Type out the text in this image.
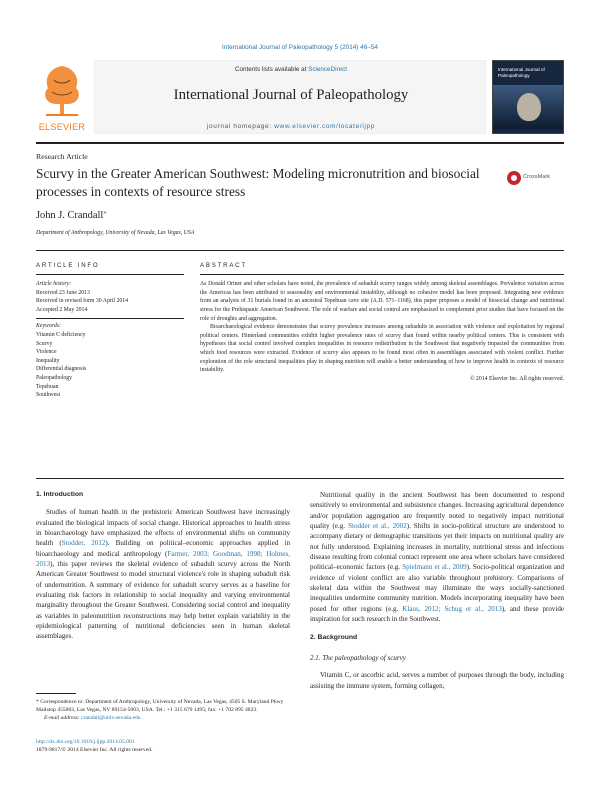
International Journal of Paleopathology 5 (2014) 46–54
ELSEVIER
Contents lists available at ScienceDirect
International Journal of Paleopathology
journal homepage: www.elsevier.com/locate/ijpp
International Journal of Paleopathology
Research Article
Scurvy in the Greater American Southwest: Modeling micronutrition and biosocial processes in contexts of resource stress
CrossMark
John J. Crandall*
Department of Anthropology, University of Nevada, Las Vegas, USA
ARTICLE INFO	ABSTRACT
Article history:
Received 23 June 2013
Received in revised form 30 April 2014
Accepted 2 May 2014
Keywords:
Vitamin C deficiency
Scurvy
Violence
Inequality
Differential diagnosis
Paleopathology
Tepehuan
Southwest

As Donald Ortner and other scholars have noted, the prevalence of subadult scurvy ranges widely among skeletal assemblages. Prevalence variation across the Americas has been attributed to seasonality and environmental instability, although no cohesive model has been proposed. Integrating new evidence from an analysis of 31 burials found in an ancestral Tepehuan cave site (A.D. 571–1168), this paper proposes a model of biosocial change and nutritional stress for the Prehispanic American Southwest. The role of warfare and social control are emphasized to complement prior studies that have focused on the role of droughts and aggregation.

Bioarchaeological evidence demonstrates that scurvy prevalence increases among subadults in association with violence and exploitation by regional political centers. Hinterland communities exhibit higher prevalence rates of scurvy than found within nearby political centers. This is consistent with hypotheses that social control involved complex inequalities in resource redistribution in the Southwest that negatively impacted the communities from which food resources were extracted. Evidence of scurvy also appears to be found most often in assemblages associated with violent conflict. Further exploration of the role structural inequalities play in shaping nutrition will enable a better understanding of how to improve health in contexts of resource instability.

© 2014 Elsevier Inc. All rights reserved.

1. Introduction

Studies of human health in the prehistoric American Southwest have increasingly evaluated the biological impacts of social change. Historical approaches to health stress in bioarchaeology have emphasized the effects of environmental shifts on community health (Stodder, 2012). Building on political–economic approaches applied in bioarchaeology and medical anthropology (Farmer, 2003; Goodman, 1998; Holmes, 2013), this paper reviews the skeletal evidence of subadult scurvy across the North American Greater Southwest to model structural violence's role in shaping subadult risk of undernutrition. A summary of evidence for subadult scurvy serves as a baseline for evaluating risk factors in relationship to social inequality and varying environmental marginality throughout the Greater Southwest. Considering social control and inequality as variables in paleonutrition reconstructions may help better explain variability in the epidemiological patterning of nutritional deficiencies seen in human skeletal assemblages.

Nutritional quality in the ancient Southwest has been documented to respond sensitively to environmental and subsistence changes. Increasing agricultural dependence and/or population aggregation are frequently noted to negatively impact nutritional quality (e.g. Stodder et al., 2002). Shifts in socio-political structure are understood to accompany dietary or demographic transitions yet their impacts on nutritional quality are not fully understood. Explaining increases in mortality, nutritional stress and infectious disease resulting from colonial contact represent one area where scholars have considered political–economic factors (e.g. Spielmann et al., 2009). Socio-political organization and evidence of violent conflict are also variable throughout prehistory. Comparisons of skeletal data within the Southwest may illuminate the ways socially-sanctioned inequalities undermine community nutrition. Models incorporating inequality have been posed for other regions (e.g. Klaus, 2012; Schug et al., 2013), and these provide inspiration for such research in the Southwest.

2. Background
2.1. The paleopathology of scurvy

Vitamin C, or ascorbic acid, serves a number of purposes through the body, including assisting the immune system, forming collagen,

* Correspondence to: Department of Anthropology, University of Nevada, Las Vegas, 4505 S. Maryland Pkwy Mailstop 455003, Las Vegas, NV 89154-5003, USA. Tel.: +1 315 679 1495; fax: +1 702 895 4823.
E-mail address: crandall@unlv.nevada.edu
http://dx.doi.org/10.1016/j.ijpp.2014.05.001
1879-9817/© 2014 Elsevier Inc. All rights reserved.
